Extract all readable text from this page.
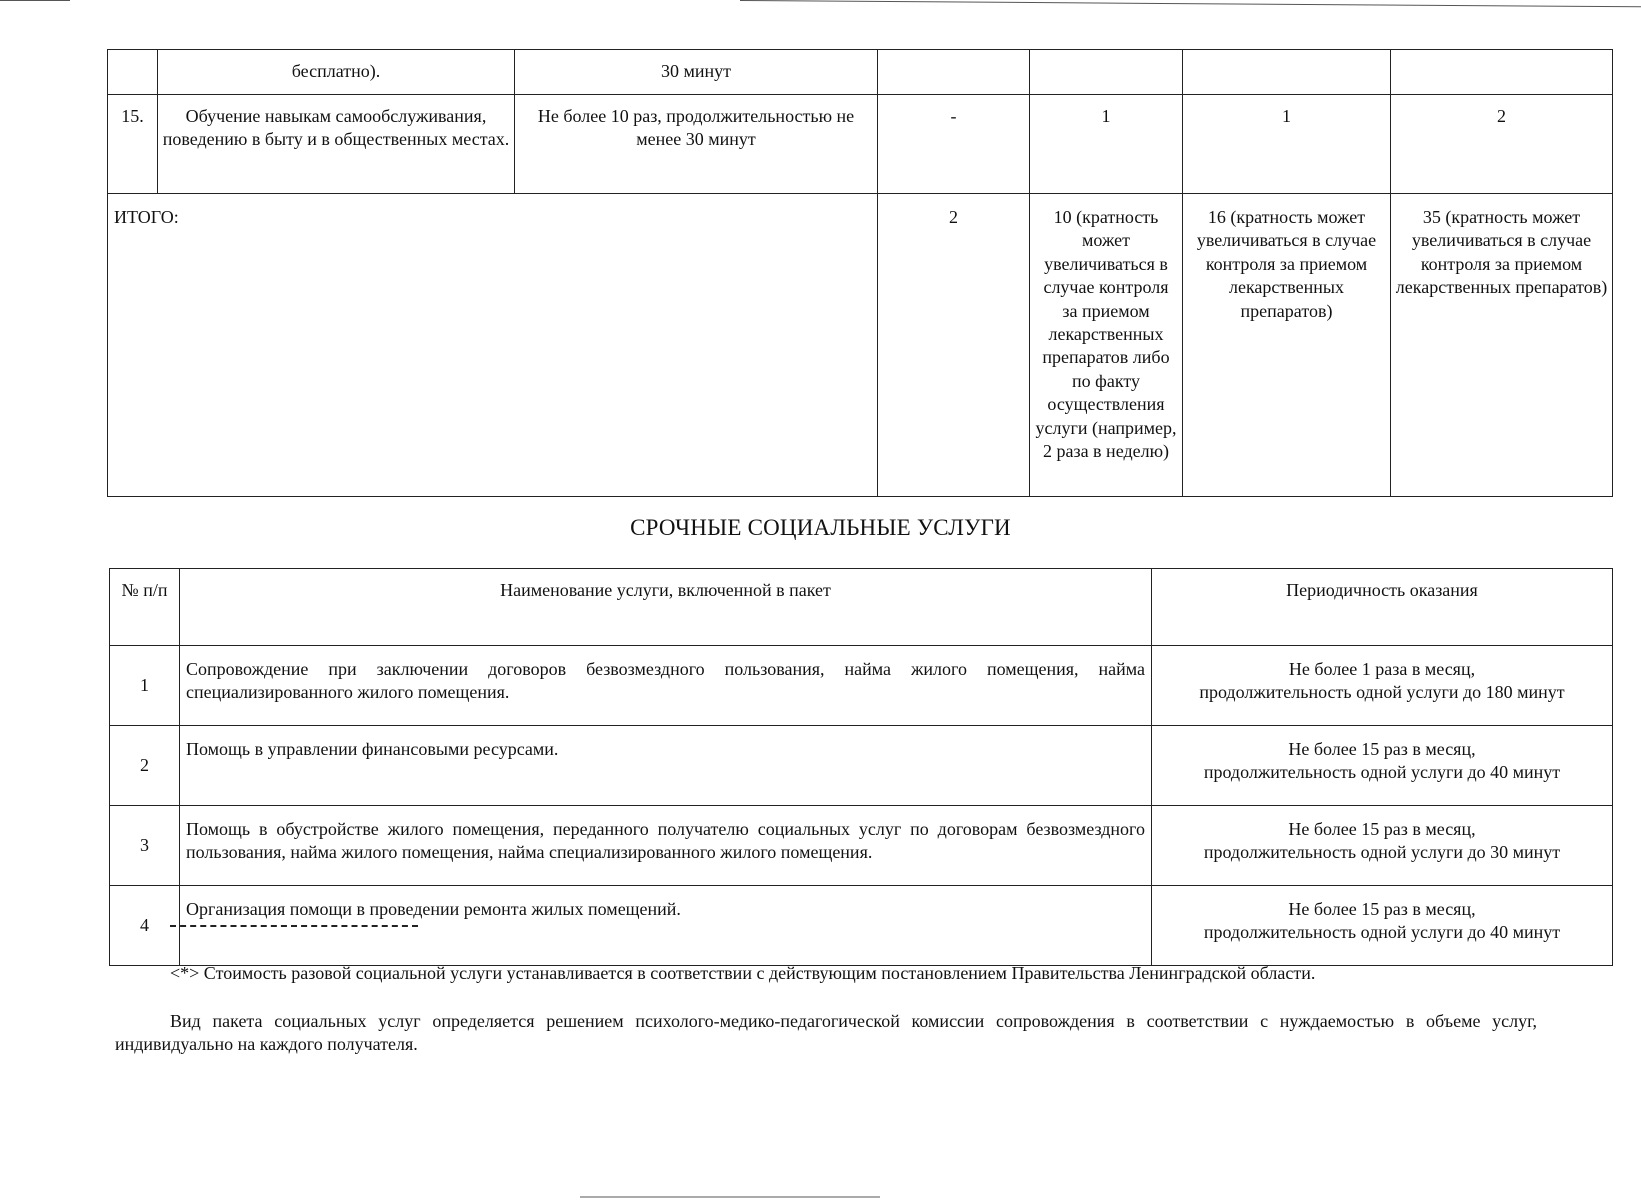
	бесплатно).	30 минут				
15.	Обучение навыкам самообслуживания, поведению в быту и в общественных местах.	Не более 10 раз, продолжительностью не менее 30 минут	-	1	1	2
ИТОГО:			2	10 (кратность может увеличиваться в случае контроля за приемом лекарственных препаратов либо по факту осуществления услуги (например, 2 раза в неделю)	16 (кратность может увеличиваться в случае контроля за приемом лекарственных препаратов)	35 (кратность может увеличиваться в случае контроля за приемом лекарственных препаратов)
СРОЧНЫЕ СОЦИАЛЬНЫЕ УСЛУГИ
№ п/п	Наименование услуги, включенной в пакет	Периодичность оказания
1	Сопровождение при заключении договоров безвозмездного пользования, найма жилого помещения, найма специализированного жилого помещения.	Не более 1 раза в месяц,
продолжительность одной услуги до 180 минут

2	Помощь в управлении финансовыми ресурсами.	Не более 15 раз в месяц,
продолжительность одной услуги до 40 минут

3	Помощь в обустройстве жилого помещения, переданного получателю социальных услуг по договорам безвозмездного пользования, найма жилого помещения, найма специализированного жилого помещения.	Не более 15 раз в месяц,
продолжительность одной услуги до 30 минут

4	Организация помощи в проведении ремонта жилых помещений.	Не более 15 раз в месяц,
продолжительность одной услуги до 40 минут
<*> Стоимость разовой социальной услуги устанавливается в соответствии с действующим постановлением Правительства Ленинградской области.
Вид пакета социальных услуг определяется решением психолого-медико-педагогической комиссии сопровождения в соответствии с нуждаемостью в объеме услуг, индивидуально на каждого получателя.
